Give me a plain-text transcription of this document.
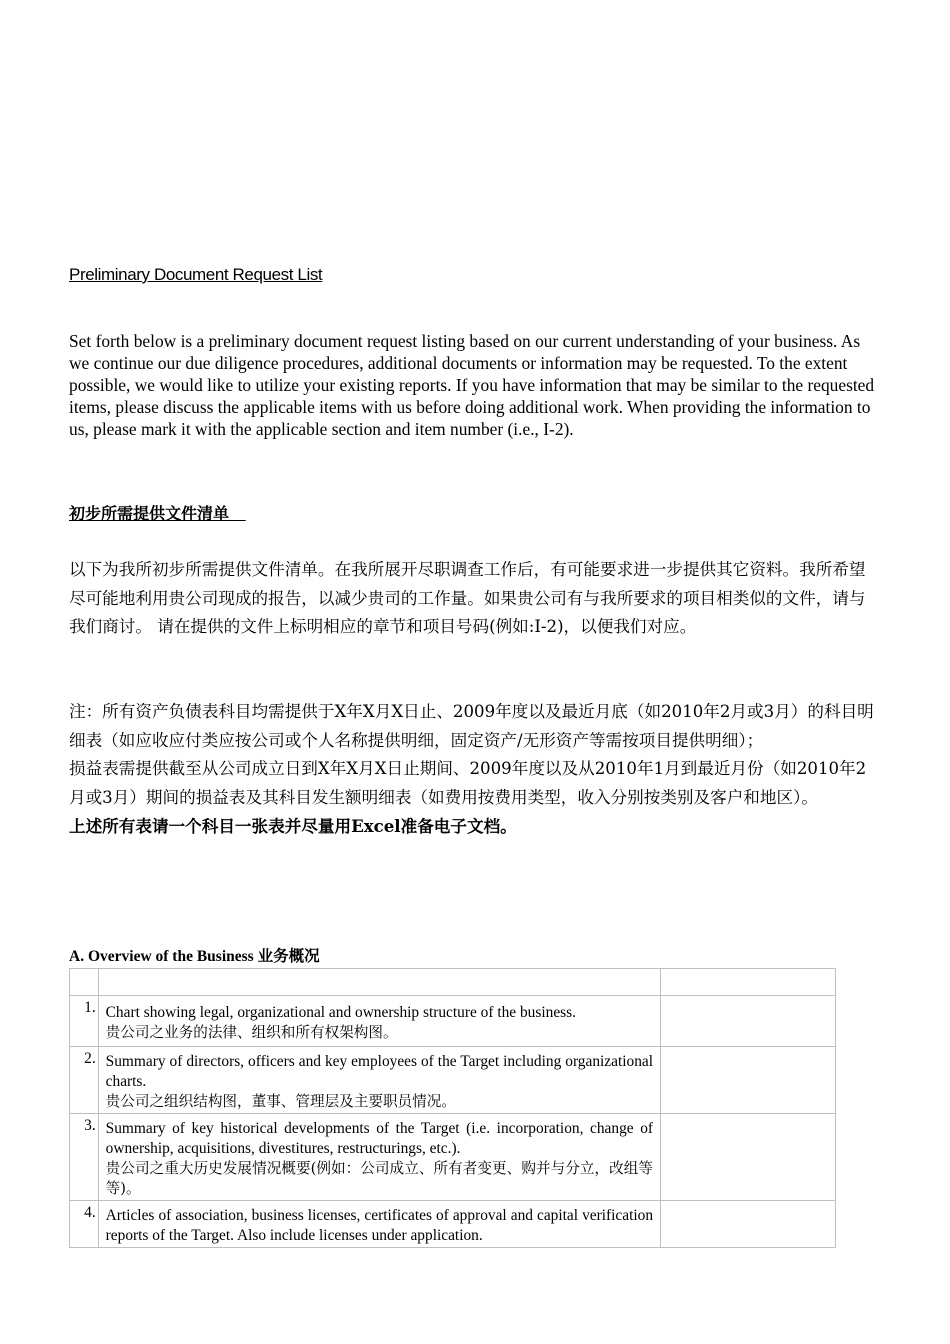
Preliminary Document Request List

Set forth below is a preliminary document request listing based on our current understanding of your business. As we continue our due diligence procedures, additional documents or information may be requested. To the extent possible, we would like to utilize your existing reports. If you have information that may be similar to the requested items, please discuss the applicable items with us before doing additional work. When providing the information to us, please mark it with the applicable section and item number (i.e., I-2).

初步所需提供文件清单

以下为我所初步所需提供文件清单。在我所展开尽职调查工作后，有可能要求进一步提供其它资料。我所希望尽可能地利用贵公司现成的报告，以减少贵司的工作量。如果贵公司有与我所要求的项目相类似的文件，请与我们商讨。 请在提供的文件上标明相应的章节和项目号码(例如:I-2)，以便我们对应。

注：所有资产负债表科目均需提供于X年X月X日止、2009年度以及最近月底（如2010年2月或3月）的科目明细表（如应收应付类应按公司或个人名称提供明细，固定资产/无形资产等需按项目提供明细）；

损益表需提供截至从公司成立日到X年X月X日止期间、2009年度以及从2010年1月到最近月份（如2010年2月或3月）期间的损益表及其科目发生额明细表（如费用按费用类型，收入分别按类别及客户和地区）。

上述所有表请一个科目一张表并尽量用Excel准备电子文档。

A. Overview of the Business 业务概况

1.	Chart showing legal, organizational and ownership structure of the business.
贵公司之业务的法律、组织和所有权架构图。	

2.	Summary of directors, officers and key employees of the Target including organizational charts.
贵公司之组织结构图，董事、管理层及主要职员情况。	

3.	Summary of key historical developments of the Target (i.e. incorporation, change of ownership, acquisitions, divestitures, restructurings, etc.).
贵公司之重大历史发展情况概要(例如：公司成立、所有者变更、购并与分立，改组等等)。	

4.	Articles of association, business licenses, certificates of approval and capital verification reports of the Target. Also include licenses under application.	
